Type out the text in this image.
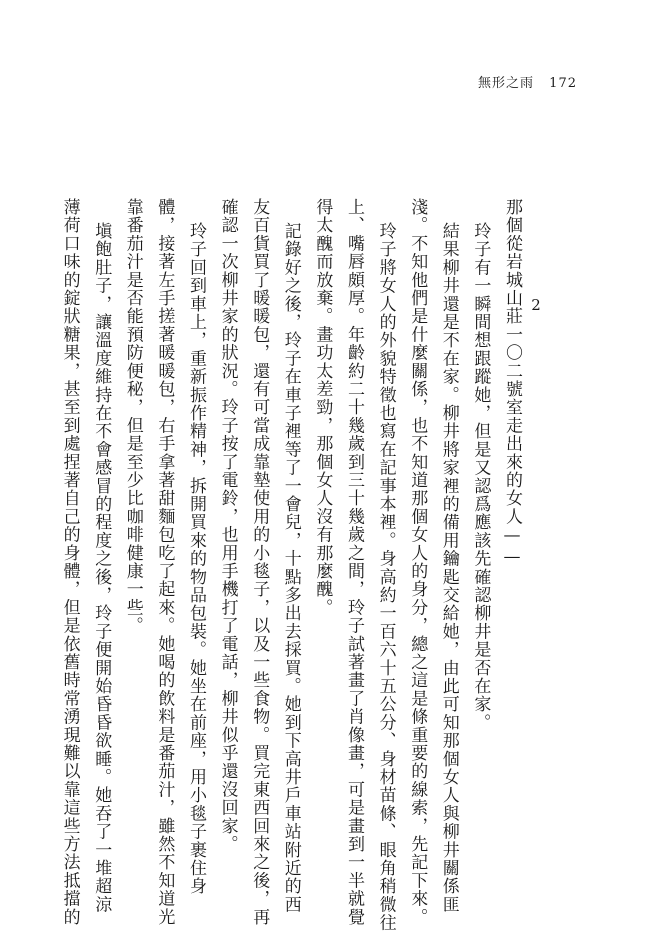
無形之雨 172
2
那個從岩城山莊一〇二號室走出來的女人——
玲子有一瞬間想跟蹤她，但是又認爲應該先確認柳井是否在家。
結果柳井還是不在家。柳井將家裡的備用鑰匙交給她，由此可知那個女人與柳井關係匪
淺。不知他們是什麼關係，也不知道那個女人的身分，總之這是條重要的線索，先記下來。
玲子將女人的外貌特徵也寫在記事本裡。身高約一百六十五公分、身材苗條、眼角稍微往
上、嘴唇頗厚。年齡約二十幾歲到三十幾歲之間，玲子試著畫了肖像畫，可是畫到一半就覺
得太醜而放棄。畫功太差勁，那個女人沒有那麼醜。
記錄好之後，玲子在車子裡等了一會兒，十點多出去採買。她到下高井戶車站附近的西
友百貨買了暖暖包，還有可當成靠墊使用的小毯子，以及一些食物。買完東西回來之後，再
確認一次柳井家的狀況。玲子按了電鈴，也用手機打了電話，柳井似乎還沒回家。
玲子回到車上，重新振作精神，拆開買來的物品包裝。她坐在前座，用小毯子裹住身
體，接著左手搓著暖暖包，右手拿著甜麵包吃了起來。她喝的飲料是番茄汁，雖然不知道光
靠番茄汁是否能預防便秘，但是至少比咖啡健康一些。
塡飽肚子，讓溫度維持在不會感冒的程度之後，玲子便開始昏昏欲睡。她吞了一堆超涼
薄荷口味的錠狀糖果，甚至到處捏著自己的身體，但是依舊時常湧現難以靠這些方法抵擋的
